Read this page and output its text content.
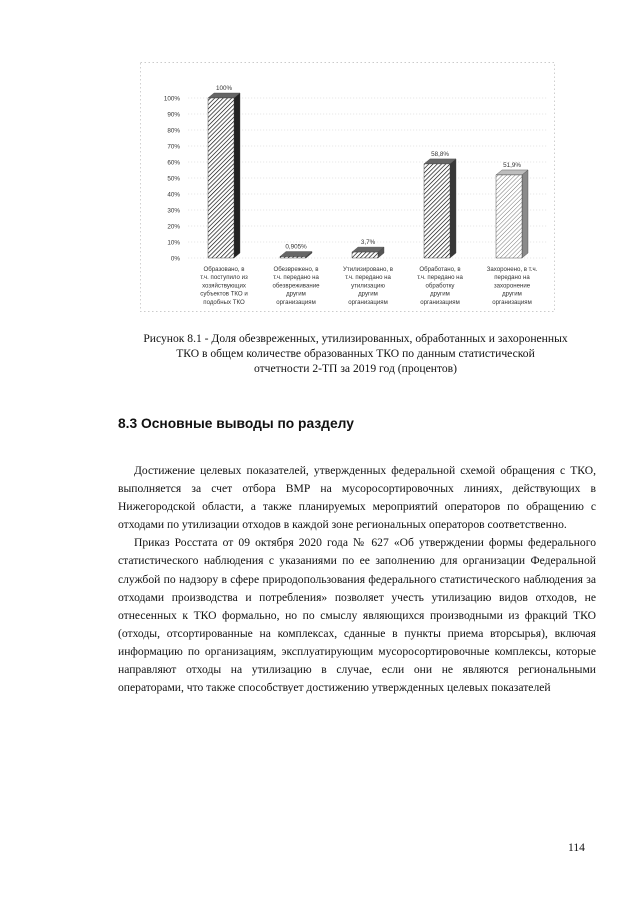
0%
10%
20%
30%
40%
50%
60%
70%
80%
90%
100%
100%
0,905%
3,7%
58,8%
51,9%
Образовано, в т.ч. поступило из хозяйствующих субъектов ТКО и подобных ТКО
Обезврежено, в т.ч. передано на обезвреживание другим организациям
Утилизировано, в т.ч. передано на утилизацию другим организациям
Обработано, в т.ч. передано на обработку другим организациям
Захоронено, в т.ч. передано на захоронение другим организациям
Рисунок 8.1 - Доля обезвреженных, утилизированных, обработанных и захороненных
ТКО в общем количестве образованных ТКО по данным статистической
отчетности 2-ТП за 2019 год (процентов)
8.3 Основные выводы по разделу

Достижение целевых показателей, утвержденных федеральной схемой обращения с ТКО, выполняется за счет отбора ВМР на мусоросортировочных линиях, действующих в Нижегородской области, а также планируемых мероприятий операторов по обращению с отходами по утилизации отходов в каждой зоне региональных операторов соответственно.

Приказ Росстата от 09 октября 2020 года № 627 «Об утверждении формы федерального статистического наблюдения с указаниями по ее заполнению для организации Федеральной службой по надзору в сфере природопользования федерального статистического наблюдения за отходами производства и потребления» позволяет учесть утилизацию видов отходов, не отнесенных к ТКО формально, но по смыслу являющихся производными из фракций ТКО (отходы, отсортированные на комплексах, сданные в пункты приема вторсырья), включая информацию по организациям, эксплуатирующим мусоросортировочные комплексы, которые направляют отходы на утилизацию в случае, если они не являются региональными операторами, что также способствует достижению утвержденных целевых показателей

114
